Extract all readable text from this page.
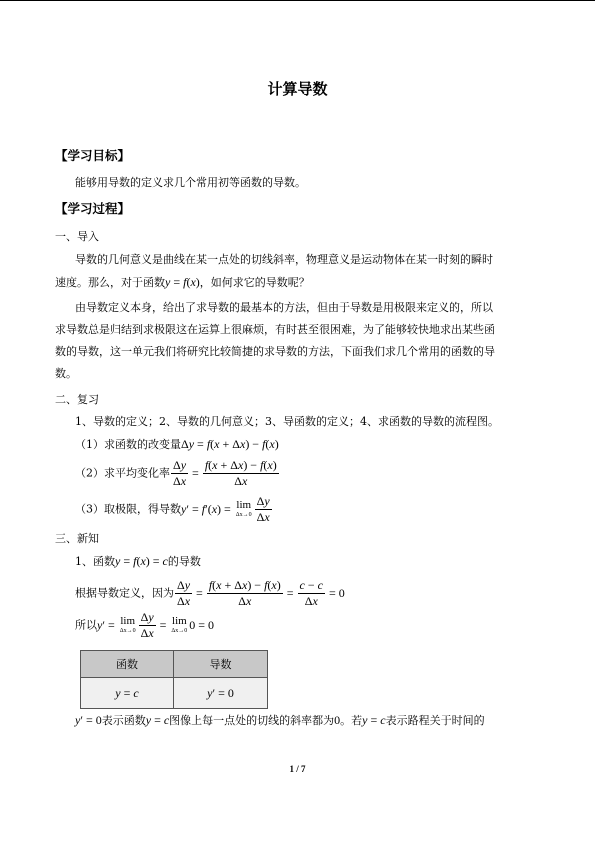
计算导数
【学习目标】
能够用导数的定义求几个常用初等函数的导数。
【学习过程】
一、导入
导数的几何意义是曲线在某一点处的切线斜率，物理意义是运动物体在某一时刻的瞬时
速度。那么，对于函数y = f(x)，如何求它的导数呢？
由导数定义本身，给出了求导数的最基本的方法，但由于导数是用极限来定义的，所以
求导数总是归结到求极限这在运算上很麻烦，有时甚至很困难，为了能够较快地求出某些函
数的导数，这一单元我们将研究比较简捷的求导数的方法，下面我们求几个常用的函数的导
数。
二、复习
1、导数的定义；2、导数的几何意义；3、导函数的定义；4、求函数的导数的流程图。
（1）求函数的改变量Δy = f(x + Δx) − f(x)
（2）求平均变化率 $\frac{\Delta y}{\Delta x} = \frac{f(x + \Delta x) - f(x)}{\Delta x}$
（3）取极限，得导数y′ = f′(x) = lim
$\Delta x\to 0 \frac{\Delta y}{\Delta x}$
三、新知
1、函数y = f(x) = c的导数
根据导数定义，因为 $\frac{\Delta y}{\Delta x} = \frac{f(x + \Delta x) - f(x)}{\Delta x} = \frac{c - c}{\Delta x} = 0$
所以y′ = lim
$\Delta x\to 0 \frac{\Delta y}{\Delta x} = \lim$
Δx→0 0 = 0
函数	导数
y = c	y′ = 0
y′ = 0表示函数y = c图像上每一点处的切线的斜率都为0。若y = c表示路程关于时间的
1 / 7
